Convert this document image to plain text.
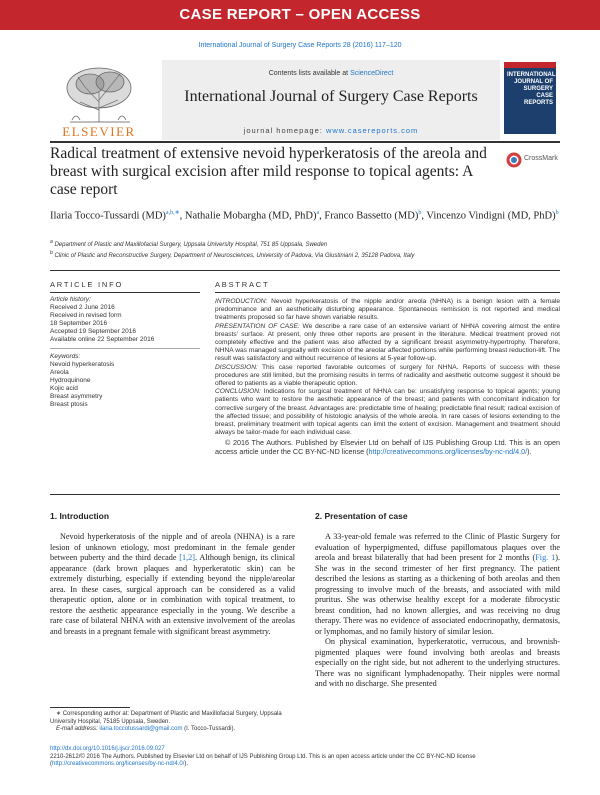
CASE REPORT – OPEN ACCESS
International Journal of Surgery Case Reports 28 (2016) 117–120
ELSEVIER
Contents lists available at ScienceDirect
International Journal of Surgery Case Reports
journal homepage: www.casereports.com
INTERNATIONAL
JOURNAL OF
SURGERY
CASE
REPORTS
Radical treatment of extensive nevoid hyperkeratosis of the areola and breast with surgical excision after mild response to topical agents: A case report
CrossMark
Ilaria Tocco-Tussardi (MD)$^{a,b,∗}$, Nathalie Mobargha (MD, PhD)$^a$, Franco Bassetto (MD)$^b$, Vincenzo Vindigni (MD, PhD)$^b$
$^a$ Department of Plastic and Maxillofacial Surgery, Uppsala University Hospital, 751 85 Uppsala, Sweden
$^b$ Clinic of Plastic and Reconstructive Surgery, Department of Neurosciences, University of Padova, Via Giustiniani 2, 35128 Padova, Italy
ARTICLE INFO	ABSTRACT
Article history:
Received 2 June 2016
Received in revised form
18 September 2016
Accepted 19 September 2016
Available online 22 September 2016
Keywords:
Nevoid hyperkeratosis
Areola
Hydroquinone
Kojic acid
Breast asymmetry
Breast ptosis

INTRODUCTION: Nevoid hyperkeratosis of the nipple and/or areola (NHNA) is a benign lesion with a female predominance and an aesthetically disturbing appearance. Spontaneous remission is not reported and medical treatments proposed so far have shown variable results.

PRESENTATION OF CASE: We describe a rare case of an extensive variant of NHNA covering almost the entire breasts' surface. At present, only three other reports are present in the literature. Medical treatment proved not completely effective and the patient was also affected by a significant breast asymmetry-hypertrophy. Therefore, NHNA was managed surgically with excision of the areolar affected portions while performing breast reduction-lift. The result was satisfactory and without recurrence of lesions at 5-year follow-up.

DISCUSSION: This case reported favorable outcomes of surgery for NHNA. Reports of success with these procedures are still limited, but the promising results in terms of radicality and aesthetic outcome suggest it should be offered to patients as a viable therapeutic option.

CONCLUSION: Indications for surgical treatment of NHNA can be: unsatisfying response to topical agents; young patients who want to restore the aesthetic appearance of the breast; and patients with concomitant indication for corrective surgery of the breast. Advantages are: predictable time of healing; predictable final result; radical excision of the affected tissue; and possibility of histologic analysis of the whole areola. In rare cases of lesions extending to the breast, preliminary treatment with topical agents can limit the extent of excision. Management and treatment should always be tailor-made for each individual case.

© 2016 The Authors. Published by Elsevier Ltd on behalf of IJS Publishing Group Ltd. This is an open access article under the CC BY-NC-ND license (http://creativecommons.org/licenses/by-nc-nd/4.0/).

1. Introduction

Nevoid hyperkeratosis of the nipple and of areola (NHNA) is a rare lesion of unknown etiology, most predominant in the female gender between puberty and the third decade [1,2]. Although benign, its clinical appearance (dark brown plaques and hyperkeratotic skin) can be extremely disturbing, especially if extending beyond the nipple/areolar area. In these cases, surgical approach can be considered as a valid therapeutic option, alone or in combination with topical treatment, to restore the aesthetic appearance especially in the young. We describe a rare case of bilateral NHNA with an extensive involvement of the areolas and breasts in a pregnant female with significant breast asymmetry.

2. Presentation of case

A 33-year-old female was referred to the Clinic of Plastic Surgery for evaluation of hyperpigmented, diffuse papillomatous plaques over the areola and breast bilaterally that had been present for 2 months (Fig. 1). She was in the second trimester of her first pregnancy. The patient described the lesions as starting as a thickening of both areolas and then progressing to involve much of the breasts, and associated with mild pruritus. She was otherwise healthy except for a moderate fibrocystic breast condition, had no known allergies, and was receiving no drug therapy. There was no evidence of associated endocrinopathy, dermatosis, or lymphomas, and no family history of similar lesion.

On physical examination, hyperkeratotic, verrucous, and brownish-pigmented plaques were found involving both areolas and breasts especially on the right side, but not adherent to the underlying structures. There was no significant lymphadenopathy. Their nipples were normal and with no discharge. She presented

∗ Corresponding author at: Department of Plastic and Maxillofacial Surgery, Uppsala University Hospital, 75185 Uppsala, Sweden.
E-mail address: ilaria.toccotussardi@gmail.com (I. Tocco-Tussardi).
http://dx.doi.org/10.1016/j.ijscr.2016.09.027
2210-2612/© 2016 The Authors. Published by Elsevier Ltd on behalf of IJS Publishing Group Ltd. This is an open access article under the CC BY-NC-ND license (http://creativecommons.org/licenses/by-nc-nd/4.0/).
